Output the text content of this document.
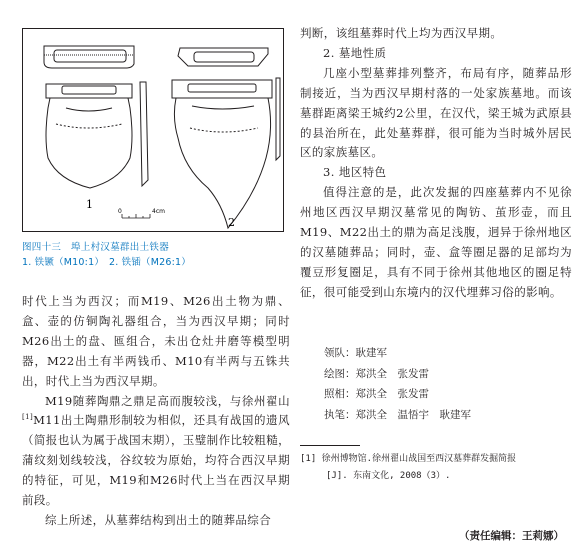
1
0	4cm
2
图四十三　埠上村汉墓群出土铁器
1. 铁镢（M10:1）　2. 铁锸（M26:1）

时代上当为西汉；而M19、M26出土物为鼎、盒、壶的仿铜陶礼器组合，当为西汉早期；同时M26出土的盘、匜组合，未出仓灶井磨等模型明器，M22出土有半两钱币、M10有半两与五铢共出，时代上当为西汉早期。

M19随葬陶鼎之鼎足高而腹较浅，与徐州翟山[1]M11出土陶鼎形制较为相似，还具有战国的遗风（简报也认为属于战国末期），玉璧制作比较粗糙，蒲纹刻划线较浅，谷纹较为原始，均符合西汉早期的特征，可见，M19和M26时代上当在西汉早期前段。

综上所述，从墓葬结构到出土的随葬品综合

判断，该组墓葬时代上均为西汉早期。

2. 墓地性质

几座小型墓葬排列整齐，布局有序，随葬品形制接近，当为西汉早期村落的一处家族墓地。而该墓群距离梁王城约2公里，在汉代，梁王城为武原县的县治所在，此处墓葬群，很可能为当时城外居民区的家族墓区。

3. 地区特色

值得注意的是，此次发掘的四座墓葬内不见徐州地区西汉早期汉墓常见的陶钫、茧形壶，而且M19、M22出土的鼎为高足浅腹，迥异于徐州地区的汉墓随葬品；同时，壶、盒等圈足器的足部均为覆豆形复圈足，具有不同于徐州其他地区的圈足特征，很可能受到山东境内的汉代埋葬习俗的影响。

领队：耿建军
绘图：郑洪全　张发雷
照相：郑洪全　张发雷
执笔：郑洪全　温悟宇　耿建军
[1] 徐州博物馆.徐州翟山战国至西汉墓葬群发掘简报
[J]. 东南文化, 2008（3）.
（责任编辑：王莉娜）
